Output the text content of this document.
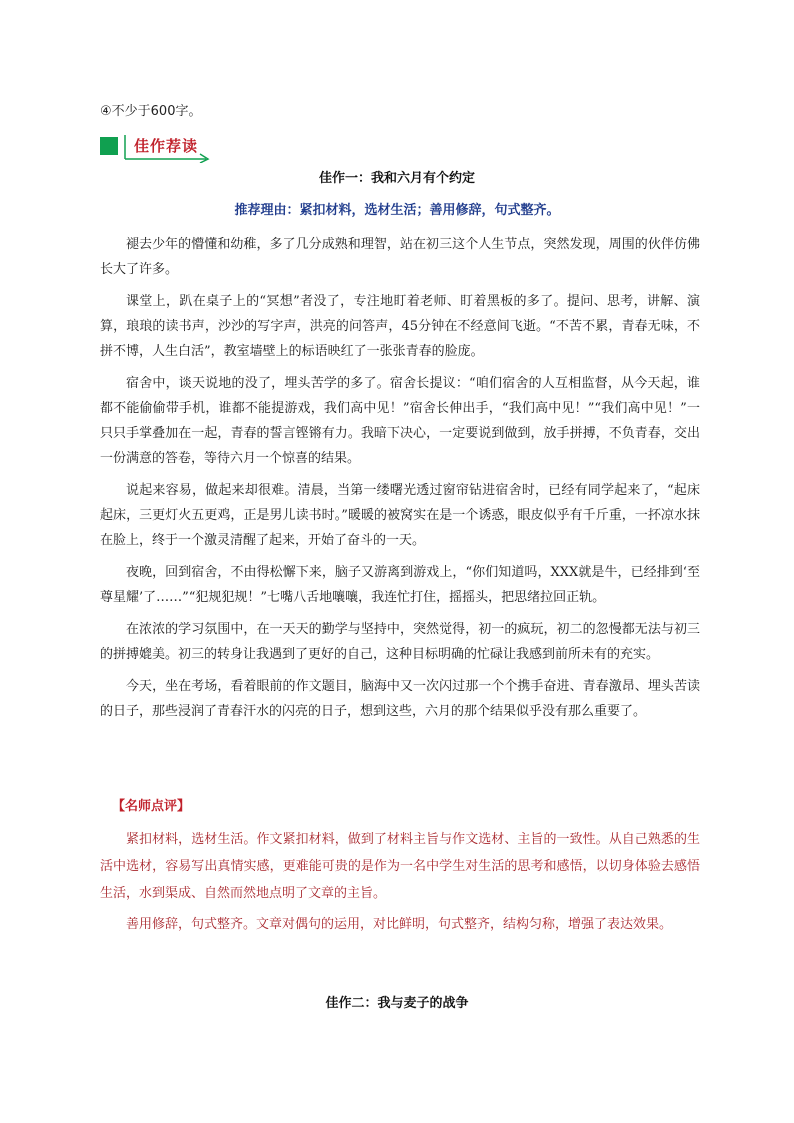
④不少于600字。
佳作荐读
佳作一：我和六月有个约定
推荐理由：紧扣材料，选材生活；善用修辞，句式整齐。

褪去少年的懵懂和幼稚，多了几分成熟和理智，站在初三这个人生节点，突然发现，周围的伙伴仿佛长大了许多。

课堂上，趴在桌子上的“冥想”者没了，专注地盯着老师、盯着黑板的多了。提问、思考，讲解、演算，琅琅的读书声，沙沙的写字声，洪亮的问答声，45分钟在不经意间飞逝。“不苦不累，青春无味，不拼不博，人生白活”，教室墙壁上的标语映红了一张张青春的脸庞。

宿舍中，谈天说地的没了，埋头苦学的多了。宿舍长提议：“咱们宿舍的人互相监督，从今天起，谁都不能偷偷带手机，谁都不能提游戏，我们高中见！”宿舍长伸出手，“我们高中见！”“我们高中见！”一只只手掌叠加在一起，青春的誓言铿锵有力。我暗下决心，一定要说到做到，放手拼搏，不负青春，交出一份满意的答卷，等待六月一个惊喜的结果。

说起来容易，做起来却很难。清晨，当第一缕曙光透过窗帘钻进宿舍时，已经有同学起来了，“起床起床，三更灯火五更鸡，正是男儿读书时。”暖暖的被窝实在是一个诱惑，眼皮似乎有千斤重，一抔凉水抹在脸上，终于一个激灵清醒了起来，开始了奋斗的一天。

夜晚，回到宿舍，不由得松懈下来，脑子又游离到游戏上，“你们知道吗，XXX就是牛，已经排到‘至尊星耀’了……”“犯规犯规！”七嘴八舌地嚷嚷，我连忙打住，摇摇头，把思绪拉回正轨。

在浓浓的学习氛围中，在一天天的勤学与坚持中，突然觉得，初一的疯玩，初二的忽慢都无法与初三的拼搏媲美。初三的转身让我遇到了更好的自己，这种目标明确的忙碌让我感到前所未有的充实。

今天，坐在考场，看着眼前的作文题目，脑海中又一次闪过那一个个携手奋进、青春激昂、埋头苦读的日子，那些浸润了青春汗水的闪亮的日子，想到这些，六月的那个结果似乎没有那么重要了。

【名师点评】

紧扣材料，选材生活。作文紧扣材料，做到了材料主旨与作文选材、主旨的一致性。从自己熟悉的生活中选材，容易写出真情实感，更难能可贵的是作为一名中学生对生活的思考和感悟，以切身体验去感悟生活，水到渠成、自然而然地点明了文章的主旨。

善用修辞，句式整齐。文章对偶句的运用，对比鲜明，句式整齐，结构匀称，增强了表达效果。

佳作二：我与麦子的战争
